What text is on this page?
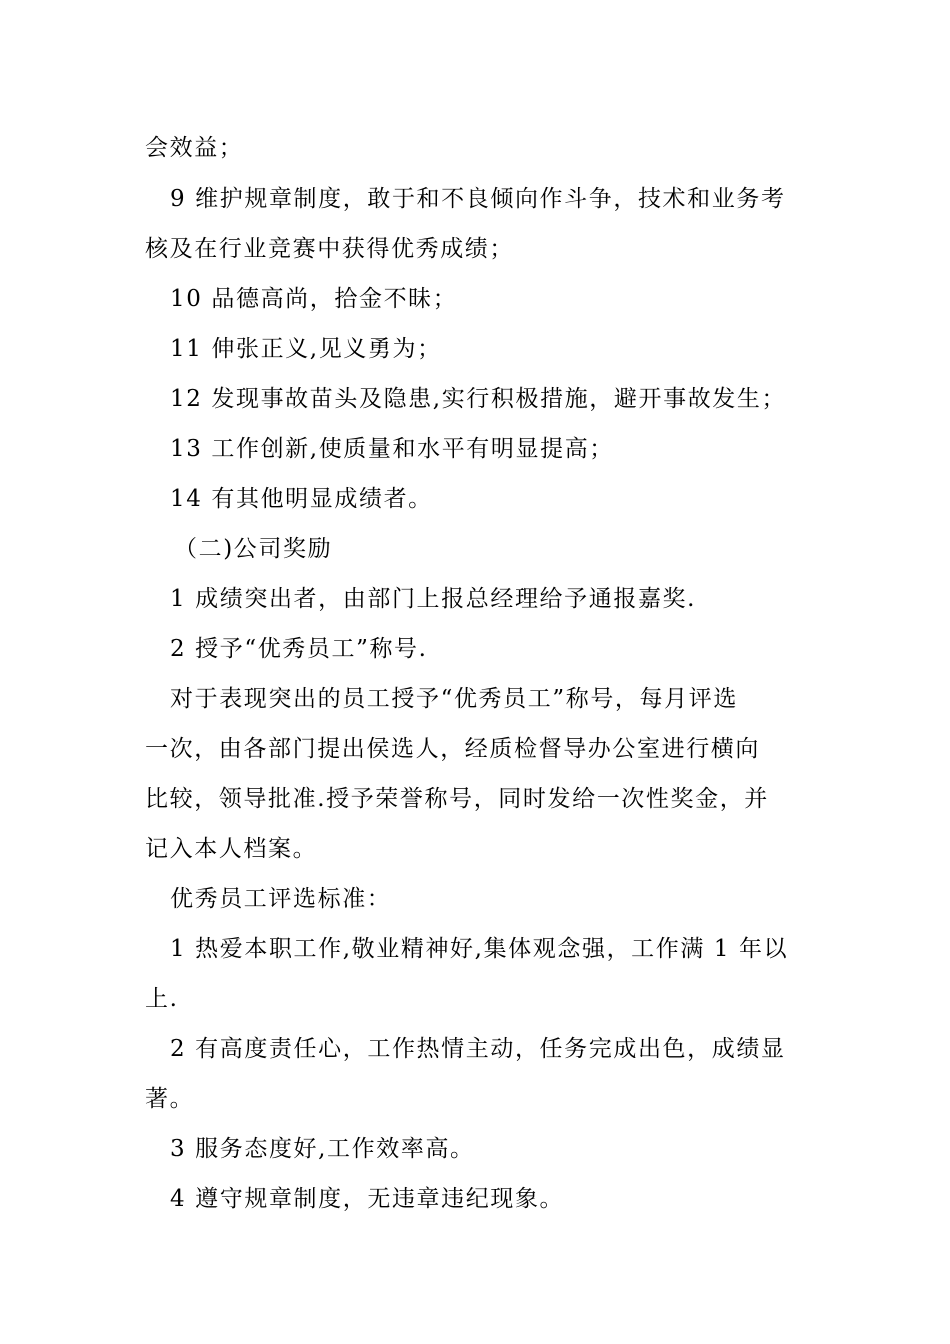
会效益；
9 维护规章制度，敢于和不良倾向作斗争，技术和业务考
核及在行业竞赛中获得优秀成绩；
10 品德高尚，拾金不昧；
11 伸张正义,见义勇为；
12 发现事故苗头及隐患,实行积极措施，避开事故发生；
13 工作创新,使质量和水平有明显提高；
14 有其他明显成绩者。
（二)公司奖励
1 成绩突出者，由部门上报总经理给予通报嘉奖.
2 授予“优秀员工”称号.
对于表现突出的员工授予“优秀员工”称号，每月评选
一次，由各部门提出侯选人，经质检督导办公室进行横向
比较，领导批准.授予荣誉称号，同时发给一次性奖金，并
记入本人档案。
优秀员工评选标准：
1 热爱本职工作,敬业精神好,集体观念强，工作满 1 年以
上.
2 有高度责任心，工作热情主动，任务完成出色，成绩显
著。
3 服务态度好,工作效率高。
4 遵守规章制度，无违章违纪现象。
